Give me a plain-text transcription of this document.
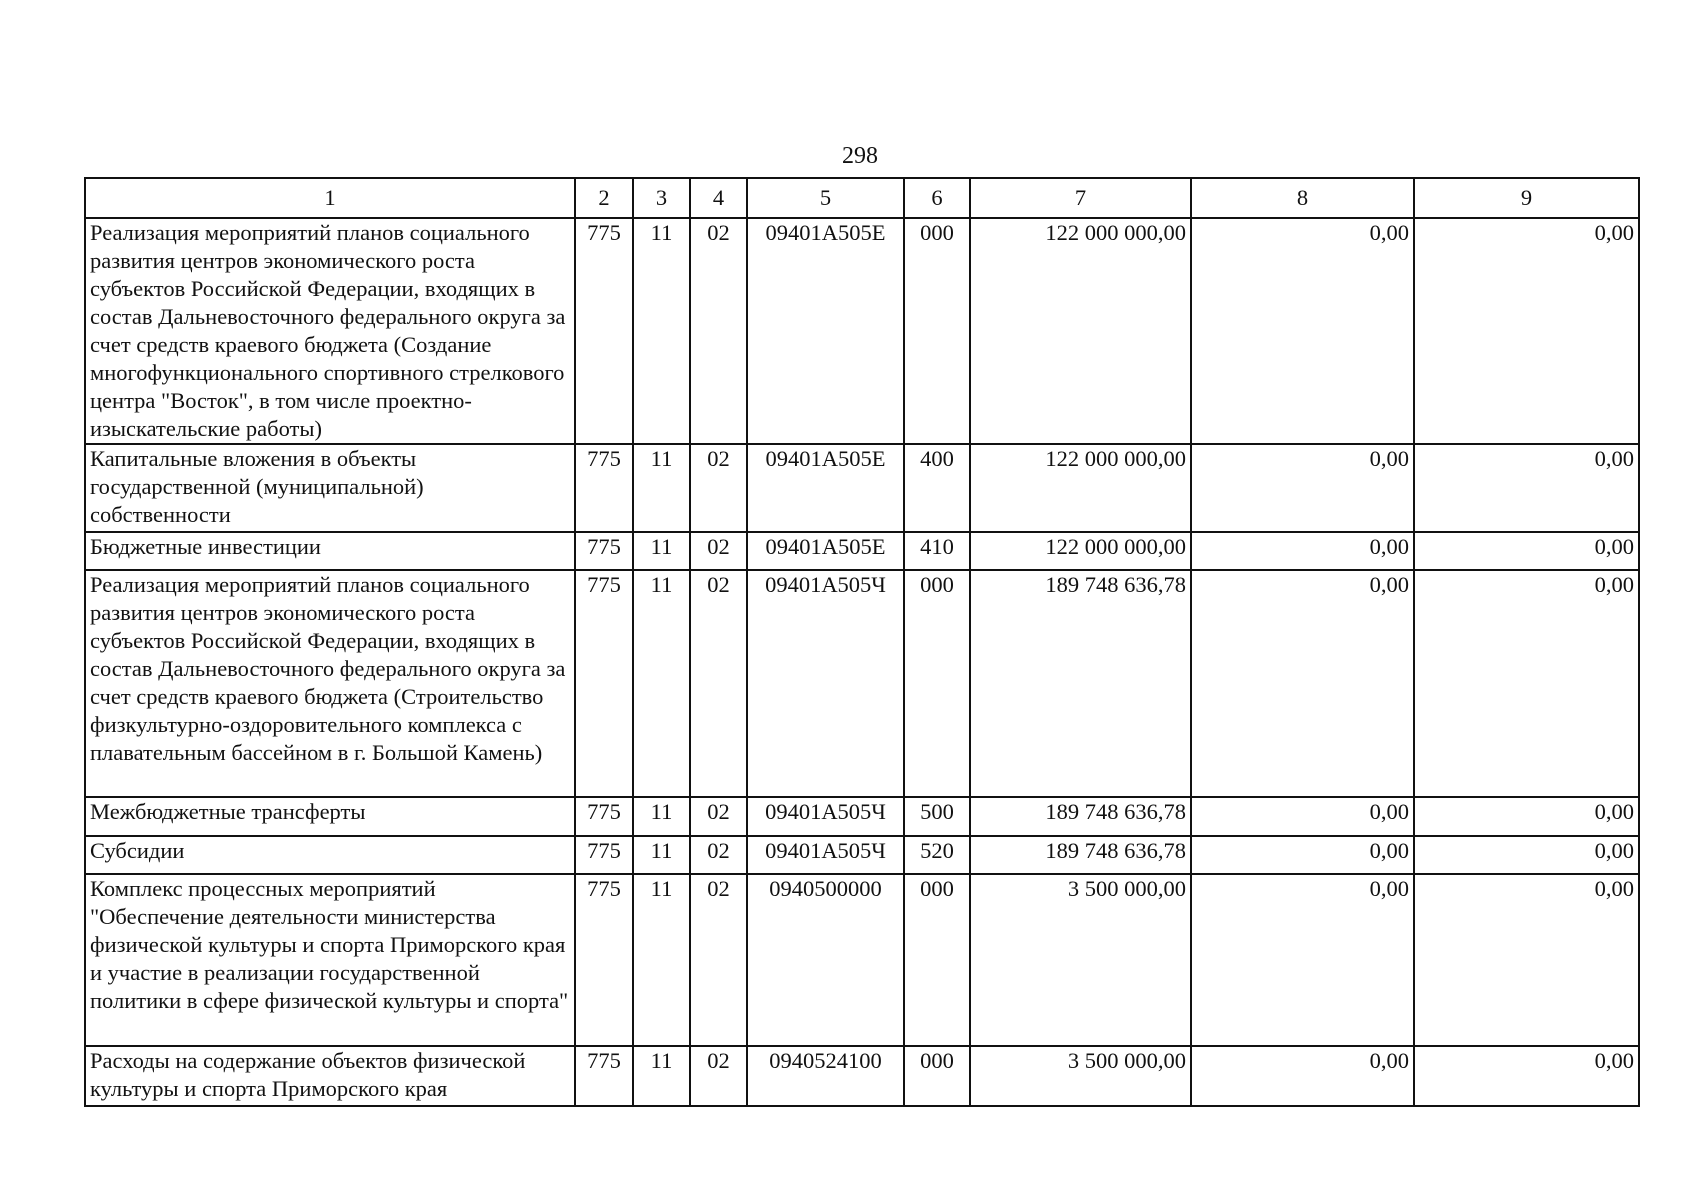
298
1	2	3	4	5	6	7	8	9
Реализация мероприятий планов социального развития центров экономического роста субъектов Российской Федерации, входящих в состав Дальневосточного федерального округа за счет средств краевого бюджета (Создание многофункционального спортивного стрелкового центра "Восток", в том числе проектно-изыскательские работы)	775	11	02	09401A505E	000	122 000 000,00	0,00	0,00
Капитальные вложения в объекты государственной (муниципальной) собственности	775	11	02	09401A505E	400	122 000 000,00	0,00	0,00
Бюджетные инвестиции	775	11	02	09401A505E	410	122 000 000,00	0,00	0,00
Реализация мероприятий планов социального развития центров экономического роста субъектов Российской Федерации, входящих в состав Дальневосточного федерального округа за счет средств краевого бюджета (Строительство физкультурно-оздоровительного комплекса с плавательным бассейном в г. Большой Камень)	775	11	02	09401A505Ч	000	189 748 636,78	0,00	0,00
Межбюджетные трансферты	775	11	02	09401A505Ч	500	189 748 636,78	0,00	0,00
Субсидии	775	11	02	09401A505Ч	520	189 748 636,78	0,00	0,00
Комплекс процессных мероприятий "Обеспечение деятельности министерства физической культуры и спорта Приморского края и участие в реализации государственной политики в сфере физической культуры и спорта"	775	11	02	0940500000	000	3 500 000,00	0,00	0,00
Расходы на содержание объектов физической культуры и спорта Приморского края	775	11	02	0940524100	000	3 500 000,00	0,00	0,00
